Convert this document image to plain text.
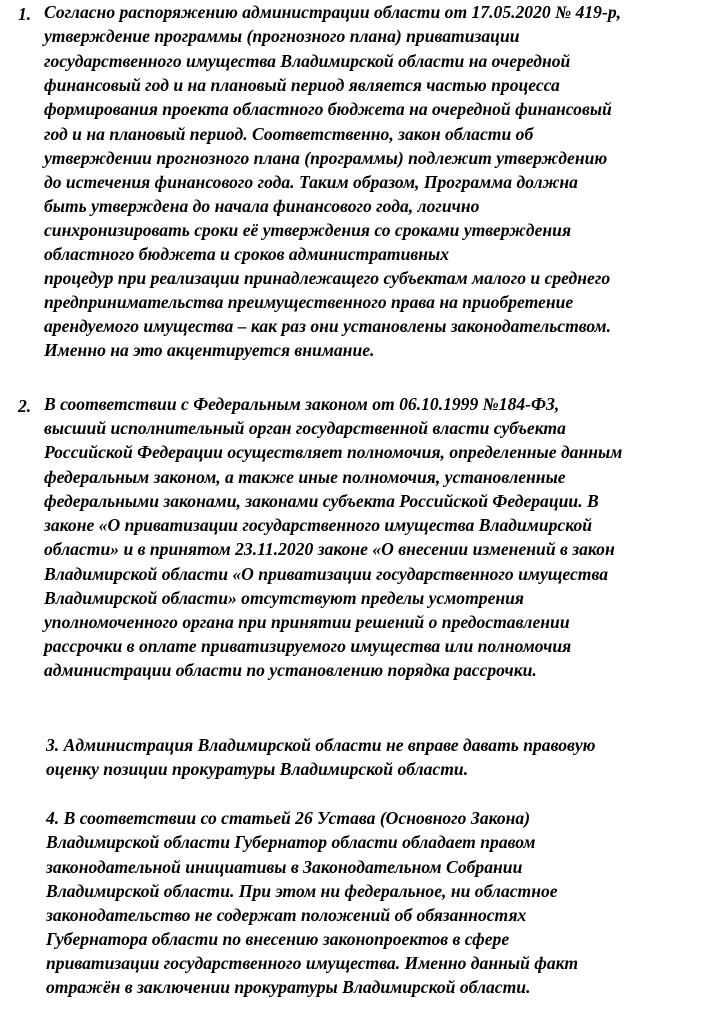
1. Согласно распоряжению администрации области от 17.05.2020 № 419-р,
утверждение программы (прогнозного плана) приватизации
государственного имущества Владимирской области на очередной
финансовый год и на плановый период является частью процесса
формирования проекта областного бюджета на очередной финансовый
год и на плановый период. Соответственно, закон области об
утверждении прогнозного плана (программы) подлежит утверждению
до истечения финансового года. Таким образом, Программа должна
быть утверждена до начала финансового года, логично
синхронизировать сроки её утверждения со сроками утверждения
областного бюджета и сроков административных
процедур при реализации принадлежащего субъектам малого и среднего
предпринимательства преимущественного права на приобретение
арендуемого имущества – как раз они установлены законодательством.
Именно на это акцентируется внимание.
2. В соответствии с Федеральным законом от 06.10.1999 №184-ФЗ,
высший исполнительный орган государственной власти субъекта
Российской Федерации осуществляет полномочия, определенные данным
федеральным законом, а также иные полномочия, установленные
федеральными законами, законами субъекта Российской Федерации. В
законе «О приватизации государственного имущества Владимирской
области» и в принятом 23.11.2020 законе «О внесении изменений в закон
Владимирской области «О приватизации государственного имущества
Владимирской области» отсутствуют пределы усмотрения
уполномоченного органа при принятии решений о предоставлении
рассрочки в оплате приватизируемого имущества или полномочия
администрации области по установлению порядка рассрочки.
3. Администрация Владимирской области не вправе давать правовую
оценку позиции прокуратуры Владимирской области.
4. В соответствии со статьей 26 Устава (Основного Закона)
Владимирской области Губернатор области обладает правом
законодательной инициативы в Законодательном Собрании
Владимирской области. При этом ни федеральное, ни областное
законодательство не содержат положений об обязанностях
Губернатора области по внесению законопроектов в сфере
приватизации государственного имущества. Именно данный факт
отражён в заключении прокуратуры Владимирской области.
